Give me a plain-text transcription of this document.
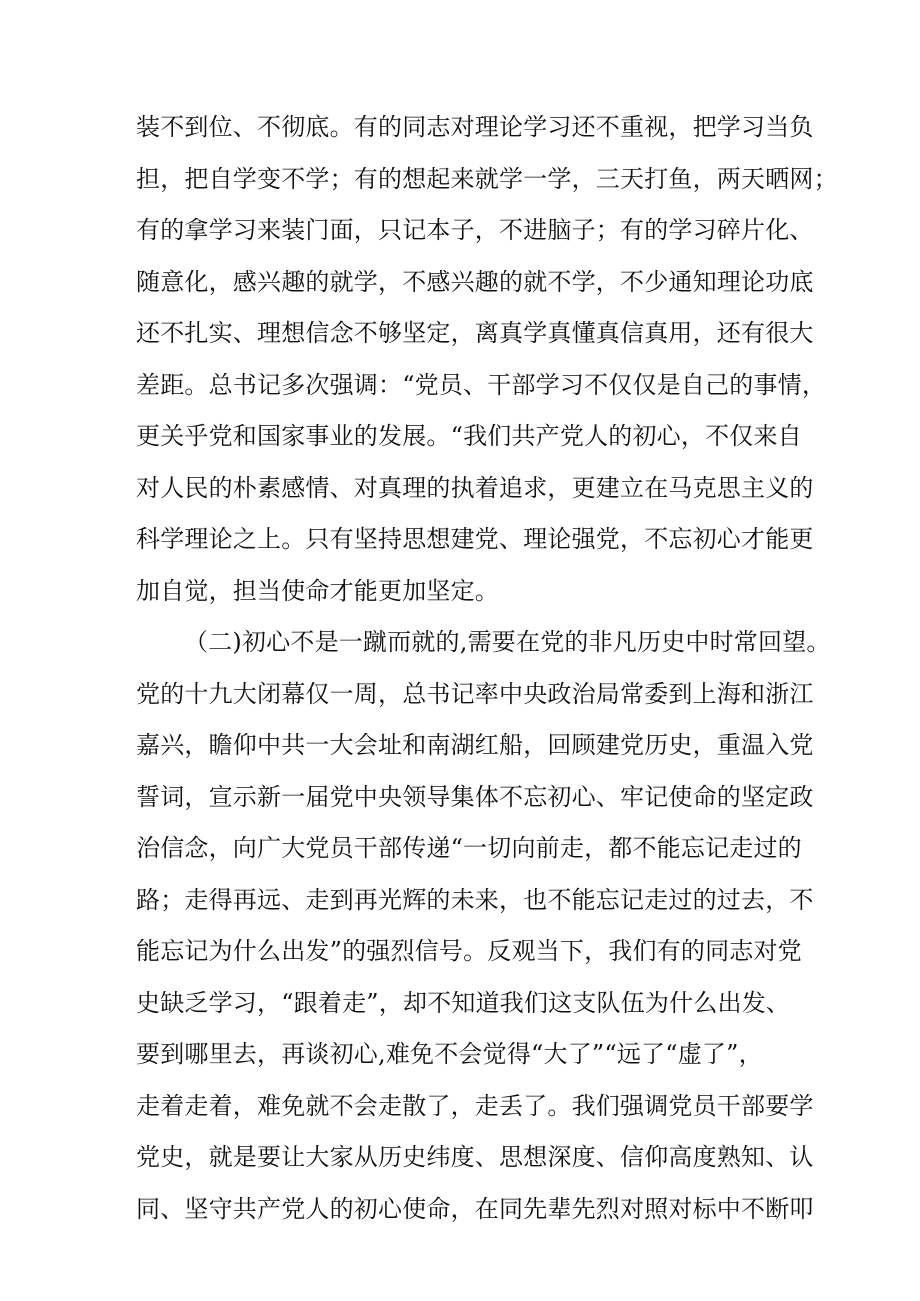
装不到位、不彻底。有的同志对理论学习还不重视，把学习当负
担，把自学变不学；有的想起来就学一学，三天打鱼，两天晒网；
有的拿学习来装门面，只记本子，不进脑子；有的学习碎片化、
随意化，感兴趣的就学，不感兴趣的就不学，不少通知理论功底
还不扎实、理想信念不够坚定，离真学真懂真信真用，还有很大
差距。总书记多次强调：“党员、干部学习不仅仅是自己的事情，
更关乎党和国家事业的发展。“我们共产党人的初心，不仅来自
对人民的朴素感情、对真理的执着追求，更建立在马克思主义的
科学理论之上。只有坚持思想建党、理论强党，不忘初心才能更
加自觉，担当使命才能更加坚定。
（二)初心不是一蹴而就的,需要在党的非凡历史中时常回望。
党的十九大闭幕仅一周，总书记率中央政治局常委到上海和浙江
嘉兴，瞻仰中共一大会址和南湖红船，回顾建党历史，重温入党
誓词，宣示新一届党中央领导集体不忘初心、牢记使命的坚定政
治信念，向广大党员干部传递“一切向前走，都不能忘记走过的
路；走得再远、走到再光辉的未来，也不能忘记走过的过去，不
能忘记为什么出发”的强烈信号。反观当下，我们有的同志对党
史缺乏学习，“跟着走”，却不知道我们这支队伍为什么出发、
要到哪里去，再谈初心,难免不会觉得“大了”“远了“虚了”，
走着走着，难免就不会走散了，走丢了。我们强调党员干部要学
党史，就是要让大家从历史纬度、思想深度、信仰高度熟知、认
同、坚守共产党人的初心使命，在同先辈先烈对照对标中不断叩
